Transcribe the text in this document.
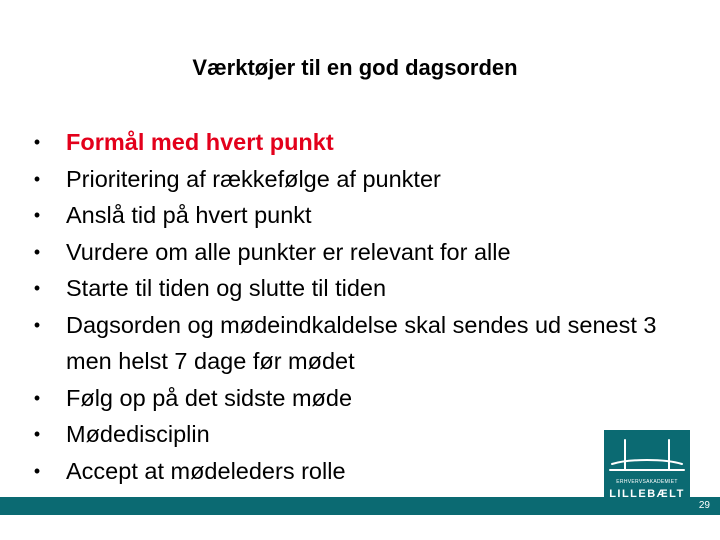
Værktøjer til en god dagsorden
• Formål med hvert punkt
• Prioritering af rækkefølge af punkter
• Anslå tid på hvert punkt
• Vurdere om alle punkter er relevant for alle
• Starte til tiden og slutte til tiden
• Dagsorden og mødeindkaldelse skal sendes ud senest 3 men helst 7 dage før mødet
• Følg op på det sidste møde
• Mødedisciplin
• Accept at mødeleders rolle
29
ERHVERVSAKADEMIET
LILLEBÆLT
